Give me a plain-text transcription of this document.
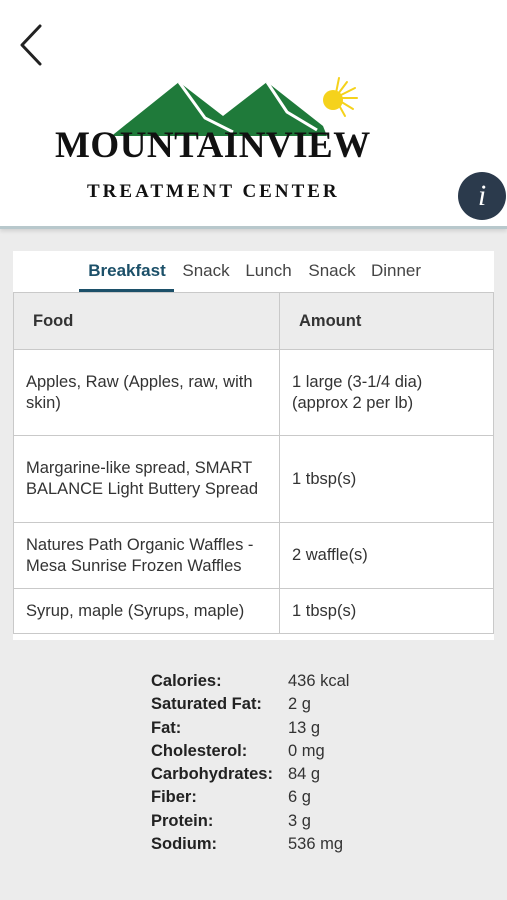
MOUNTAINVIEW
TREATMENT CENTER	i
Breakfast Snack Lunch Snack Dinner
Food	Amount
Apples, Raw (Apples, raw, with skin)	1 large (3-1/4 dia) (approx 2 per lb)
Margarine-like spread, SMART BALANCE Light Buttery Spread	1 tbsp(s)
Natures Path Organic Waffles - Mesa Sunrise Frozen Waffles	2 waffle(s)
Syrup, maple (Syrups, maple)	1 tbsp(s)
Calories:	436 kcal
Saturated Fat: 2 g
Fat:	13 g
Cholesterol: 0 mg
Carbohydrates: 84 g
Fiber:	6 g
Protein:	3 g
Sodium:	536 mg
